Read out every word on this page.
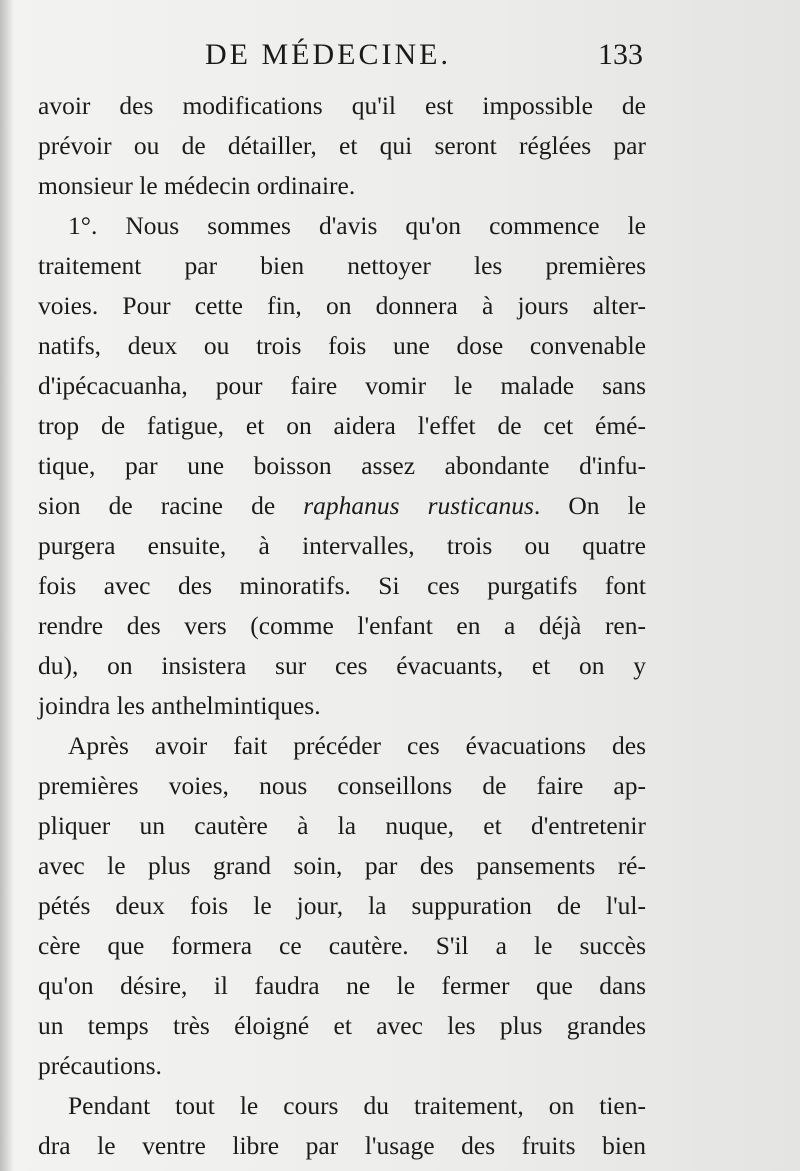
DE MÉDECINE.	133
avoir des modifications qu'il est impossible de
prévoir ou de détailler, et qui seront réglées par
monsieur le médecin ordinaire.
1°. Nous sommes d'avis qu'on commence le
traitement par bien nettoyer les premières
voies. Pour cette fin, on donnera à jours alter-
natifs, deux ou trois fois une dose convenable
d'ipécacuanha, pour faire vomir le malade sans
trop de fatigue, et on aidera l'effet de cet émé-
tique, par une boisson assez abondante d'infu-
sion de racine de raphanus rusticanus. On le
purgera ensuite, à intervalles, trois ou quatre
fois avec des minoratifs. Si ces purgatifs font
rendre des vers (comme l'enfant en a déjà ren-
du), on insistera sur ces évacuants, et on y
joindra les anthelmintiques.
Après avoir fait précéder ces évacuations des
premières voies, nous conseillons de faire ap-
pliquer un cautère à la nuque, et d'entretenir
avec le plus grand soin, par des pansements ré-
pétés deux fois le jour, la suppuration de l'ul-
cère que formera ce cautère. S'il a le succès
qu'on désire, il faudra ne le fermer que dans
un temps très éloigné et avec les plus grandes
précautions.
Pendant tout le cours du traitement, on tien-
dra le ventre libre par l'usage des fruits bien
